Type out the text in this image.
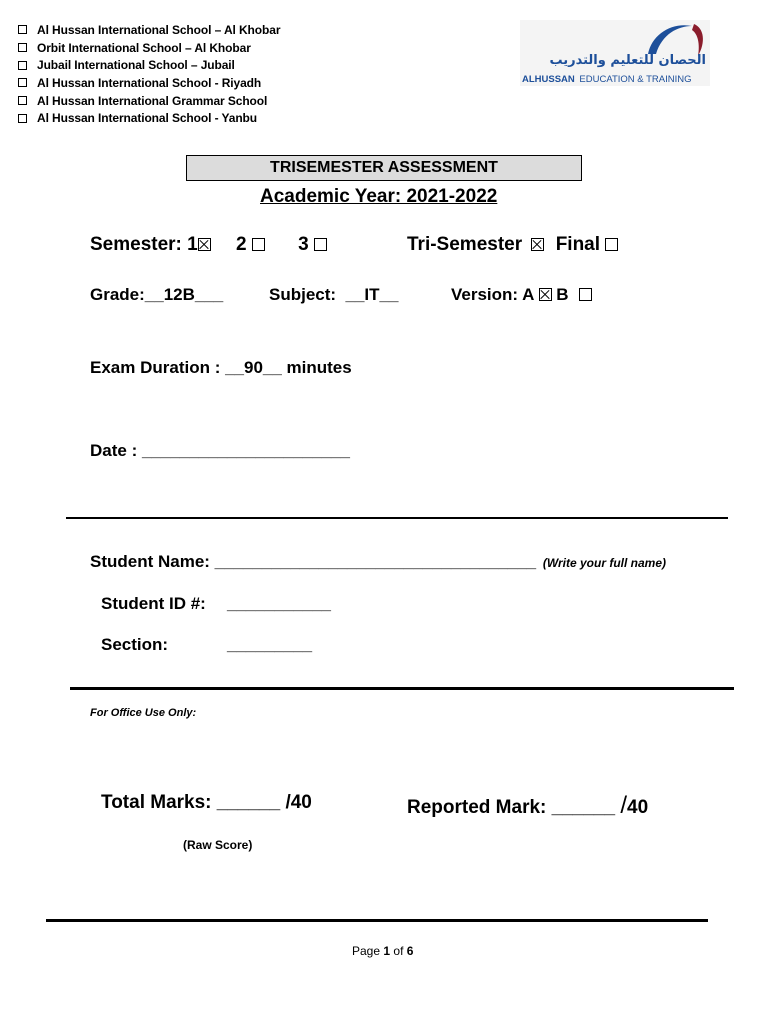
Al Hussan International School – Al Khobar
Orbit International School – Al Khobar
Jubail International School – Jubail
Al Hussan International School - Riyadh
Al Hussan International Grammar School
Al Hussan International School - Yanbu
الحصان للتعليم والتدريب
ALHUSSAN EDUCATION & TRAINING
TRISEMESTER ASSESSMENT
Academic Year: 2021-2022
Semester: 1 2	3	Tri-Semester Final
Grade:__12B___	Subject:  __IT__	Version: A B
Exam Duration : __90__ minutes
Date : ______________________
Student Name: __________________________________ (Write your full name)
Student ID #: ___________
Section:	_________
For Office Use Only:
Total Marks: ______ /40	Reported Mark: ______ /40
(Raw Score)
Page 1 of 6
